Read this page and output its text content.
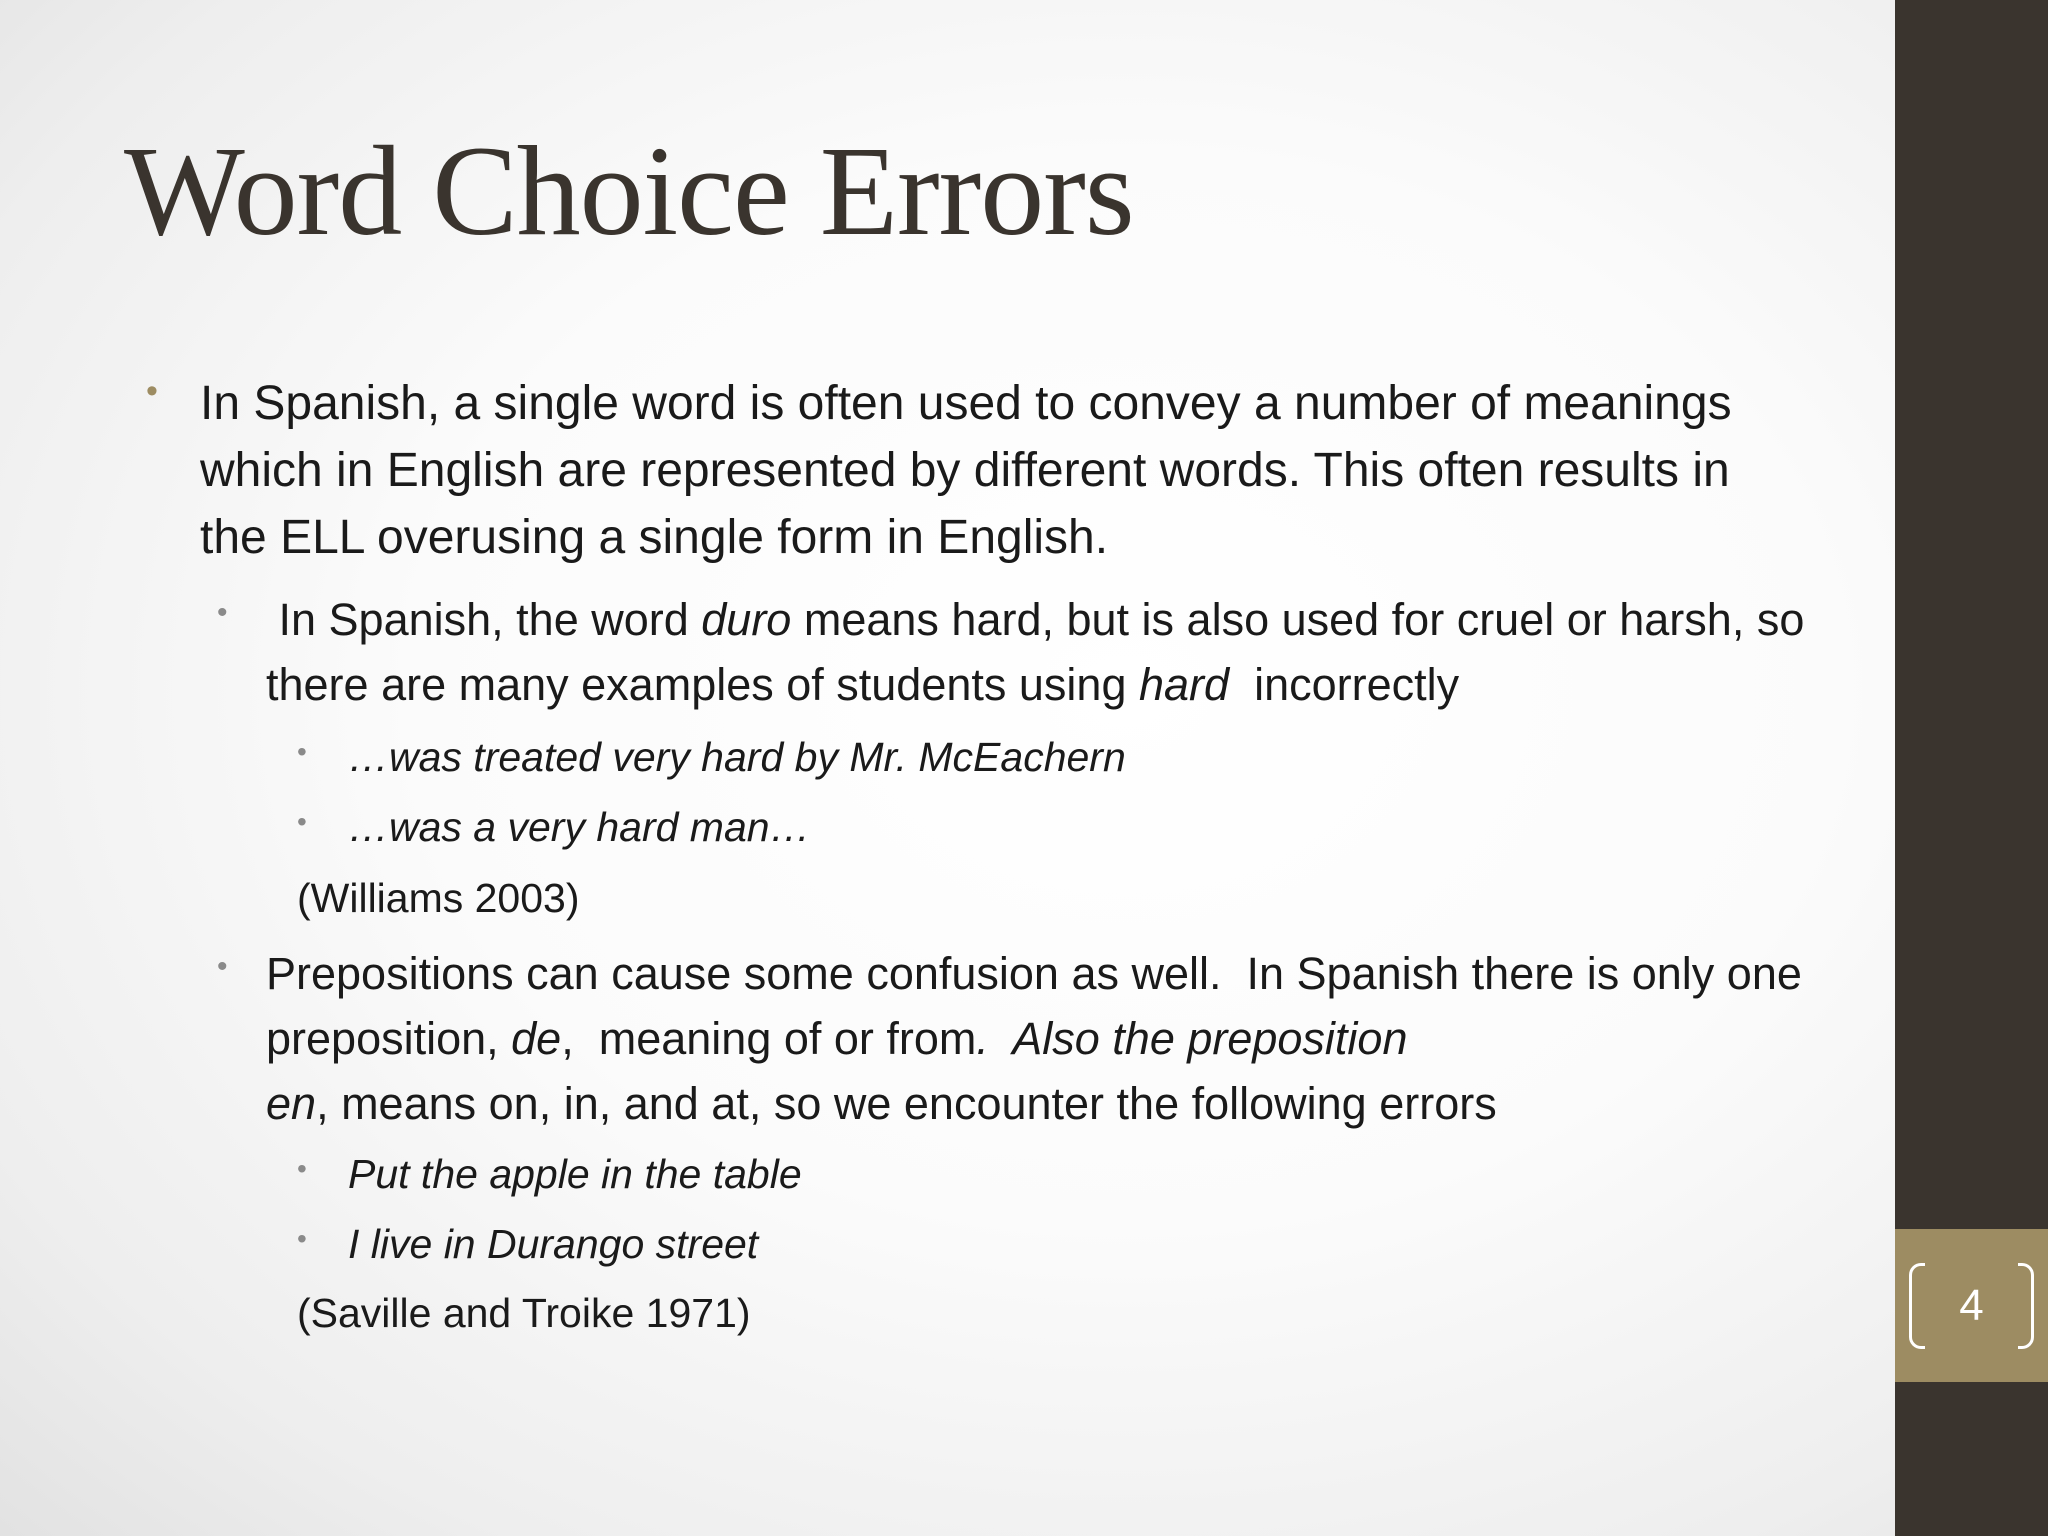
Word Choice Errors
• In Spanish, a single word is often used to convey a number of meanings which in English are represented by different words. This often results in the ELL overusing a single form in English.

• In Spanish, the word duro means hard, but is also used for cruel or harsh, so there are many examples of students using hard  incorrectly

• …was treated very hard by Mr. McEachern

• …was a very hard man…

(Williams 2003)

• Prepositions can cause some confusion as well.  In Spanish there is only one preposition, de,  meaning of or from.  Also the preposition
en, means on, in, and at, so we encounter the following errors

• Put the apple in the table

• I live in Durango street

(Saville and Troike 1971)	4
